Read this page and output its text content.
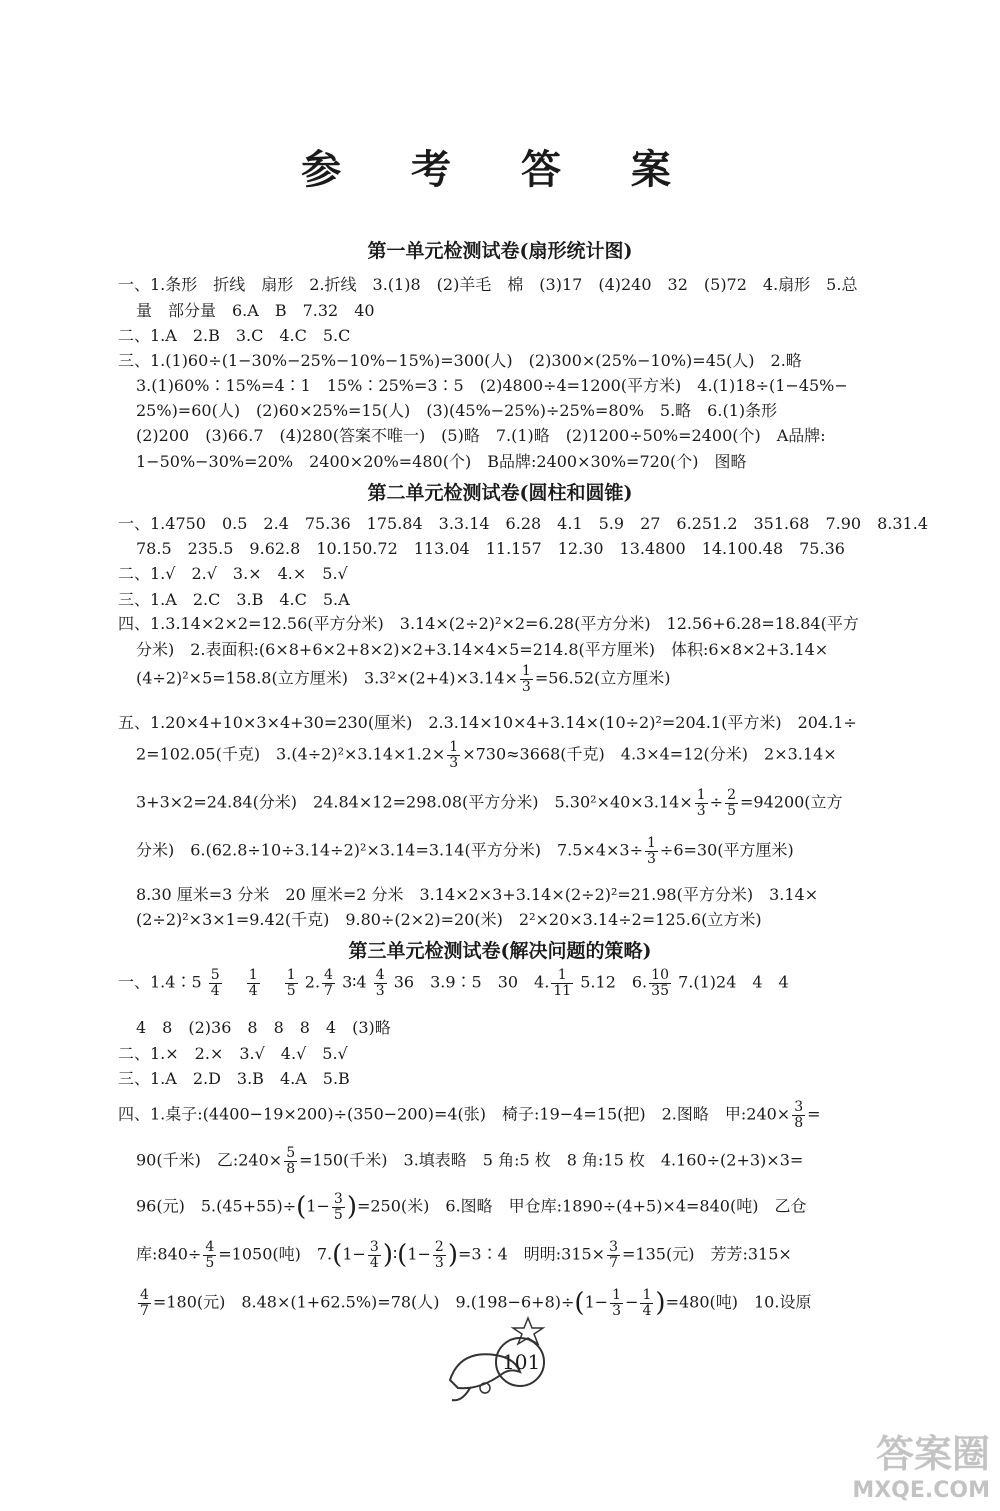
参 考 答 案
第一单元检测试卷(扇形统计图)
一、1.条形　折线　扇形　2.折线　3.(1)8　(2)羊毛　棉　(3)17　(4)240　32　(5)72　4.扇形　5.总
量　部分量　6.A　B　7.32　40
二、1.A　2.B　3.C　4.C　5.C
三、1.(1)60÷(1−30%−25%−10%−15%)=300(人)　(2)300×(25%−10%)=45(人)　2.略
3.(1)60%∶15%=4∶1　15%∶25%=3∶5　(2)4800÷4=1200(平方米)　4.(1)18÷(1−45%−
25%)=60(人)　(2)60×25%=15(人)　(3)(45%−25%)÷25%=80%　5.略　6.(1)条形
(2)200　(3)66.7　(4)280(答案不唯一)　(5)略　7.(1)略　(2)1200÷50%=2400(个)　A品牌:
1−50%−30%=20%　2400×20%=480(个)　B品牌:2400×30%=720(个)　图略
第二单元检测试卷(圆柱和圆锥)
一、1.4750　0.5　2.4　75.36　175.84　3.3.14　6.28　4.1　5.9　27　6.251.2　351.68　7.90　8.31.4
78.5　235.5　9.62.8　10.150.72　113.04　11.157　12.30　13.4800　14.100.48　75.36
二、1.√　2.√　3.×　4.×　5.√
三、1.A　2.C　3.B　4.C　5.A
四、1.3.14×2×2=12.56(平方分米)　3.14×(2÷2)²×2=6.28(平方分米)　12.56+6.28=18.84(平方
分米)　2.表面积:(6×8+6×2+8×2)×2+3.14×4×5=214.8(平方厘米)　体积:6×8×2+3.14×
(4÷2)²×5=158.8(立方厘米)　$3.3^2\times(2+4)\times 3.14\times \frac{1}{3} =56.52$(立方厘米)
五、1.20×4+10×3×4+30=230(厘米)　2.3.14×10×4+3.14×(10÷2)²=204.1(平方米)　204.1÷
2=102.05(千克)　$3.(4\div 2)^2\times 3.14\times 1.2\times \frac{1}{3} \times 730\approx 3668$(千克)　4.3×4=12(分米)　2×3.14×
3+3×2=24.84(分米)　24.84×12=298.08(平方分米)　$5.30^2\times 40\times 3.14\times \frac{1}{3} \div \frac{2}{5} =94200$(立方
分米)　6.(62.8÷10÷3.14÷2)²×3.14=3.14(平方分米)　$7.5\times 4\times 3\div \frac{1}{3} \div 6=30$(平方厘米)
8.30 厘米=3 分米　20 厘米=2 分米　3.14×2×3+3.14×(2÷2)²=21.98(平方分米)　3.14×
(2÷2)²×3×1=9.42(千克)　9.80÷(2×2)=20(米)　2²×20×3.14÷2=125.6(立方米)
第三单元检测试卷(解决问题的策略)
一、1.4∶5 $\frac{5}{4}$
　 $\frac{1}{4}$
　 $\frac{1}{5} 2$. $\frac{4}{7}$ 3∶4 $\frac{4}{3} 36$　3.9∶5　30　4. $\frac{1}{11} 5.12$　6. $\frac{10}{35} 7.(1)24$　4　4
4　8　(2)36　8　8　8　4　(3)略
二、1.×　2.×　3.√　4.√　5.√
三、1.A　2.D　3.B　4.A　5.B
四、1.桌子:(4400−19×200)÷(350−200)=4(张)　椅子:19−4=15(把)　2.图略　甲:240× $\frac{3}{8}$ =
90(千米)　乙:240× $\frac{5}{8} =150$(千米)　3.填表略　5 角:5 枚　8 角:15 枚　4.160÷(2+3)×3=
96(元)　$5.(45+55)\div(1- \frac{3}{5} )=250$(米)　6.图略　甲仓库:1890÷(4+5)×4=840(吨)　乙仓
库:840÷ $\frac{4}{5} =1050$(吨)　$7.(1- \frac{3}{4}$ )∶(1− $\frac{2}{3}$ )=3∶4　明明:315× $\frac{3}{7} =135$(元)　芳芳:315×
$\frac{4}{7} =180$(元)　8.48×(1+62.5%)=78(人)　$9.(198-6+8)\div(1- \frac{1}{3} - \frac{1}{4} )=480$(吨)　10.设原
101
答案圈
MXQE.COM
